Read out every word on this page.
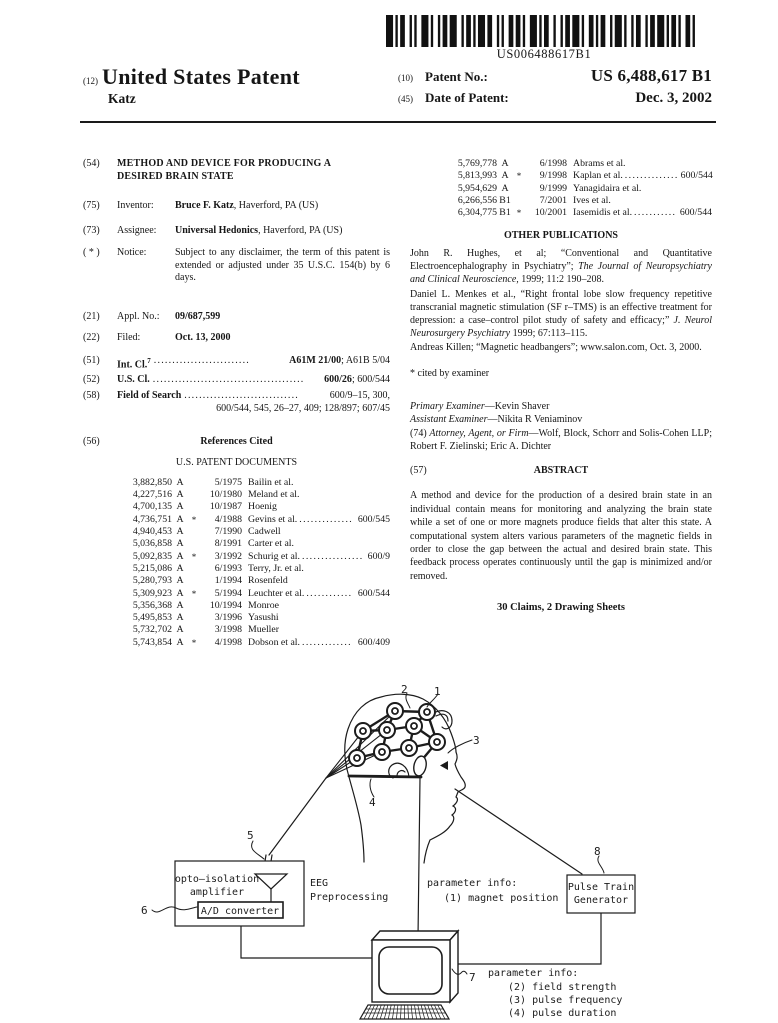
US006488617B1
(12) United States Patent
Katz
(10) Patent No.:	US 6,488,617 B1
(45) Date of Patent:	Dec. 3, 2002
(54)	METHOD AND DEVICE FOR PRODUCING A DESIRED BRAIN STATE
(75)	Inventor:	Bruce F. Katz, Haverford, PA (US)
(73)	Assignee:	Universal Hedonics, Haverford, PA (US)
( * )	Notice:	Subject to any disclaimer, the term of this patent is extended or adjusted under 35 U.S.C. 154(b) by 6 days.
(21)	Appl. No.:	09/687,599
(22)	Filed:	Oct. 13, 2000
(51)	Int. Cl.$^7$ ..........................	A61M 21/00; A61B 5/04
(52)	U.S. Cl. .........................................	600/26; 600/544
(58)	Field of Search ...............................	600/9–15, 300,
600/544, 545, 26–27, 409; 128/897; 607/45
(56)	References Cited
U.S. PATENT DOCUMENTS
3,882,850 A	5/1975 Bailin et al.
4,227,516 A	10/1980 Meland et al.
4,700,135 A	10/1987 Hoenig
4,736,751 A *	4/1988 Gevins et al. .............. 600/545
4,940,453 A	7/1990 Cadwell
5,036,858 A	8/1991 Carter et al.
5,092,835 A *	3/1992 Schurig et al. ................ 600/9
5,215,086 A	6/1993 Terry, Jr. et al.
5,280,793 A	1/1994 Rosenfeld
5,309,923 A *	5/1994 Leuchter et al. ............ 600/544
5,356,368 A	10/1994 Monroe
5,495,853 A	3/1996 Yasushi
5,732,702 A	3/1998 Mueller
5,743,854 A *	4/1998 Dobson et al. ............. 600/409
5,769,778 A	6/1998 Abrams et al.
5,813,993 A *	9/1998 Kaplan et al. .............. 600/544
5,954,629 A	9/1999 Yanagidaira et al.
6,266,556 B1	7/2001 Ives et al.
6,304,775 B1 *	10/2001 Iasemidis et al. ........... 600/544
OTHER PUBLICATIONS

John R. Hughes, et al; “Conventional and Quantitative Electroencephalography in Psychiatry”; The Journal of Neuropsychiatry and Clinical Neuroscience, 1999; 11:2 190–208.

Daniel L. Menkes et al., “Right frontal lobe slow frequency repetitive transcranial magnetic stimulation (SF r–TMS) is an effective treatment for depression: a case–control pilot study of safety and efficacy;” J. Neurol Neurosurgery Psychiatry 1999; 67:113–115.

Andreas Killen; “Magnetic headbangers”; www.salon.com, Oct. 3, 2000.

* cited by examiner

Primary Examiner—Kevin Shaver

Assistant Examiner—Nikita R Veniaminov

(74) Attorney, Agent, or Firm—Wolf, Block, Schorr and Solis-Cohen LLP; Robert F. Zielinski; Eric A. Dichter

(57)	ABSTRACT
A method and device for the production of a desired brain state in an individual contain means for monitoring and analyzing the brain state while a set of one or more magnets produce fields that alter this state. A computational system alters various parameters of the magnetic fields in order to close the gap between the actual and desired brain state. This feedback process operates continuously until the gap is minimized and/or removed.
30 Claims, 2 Drawing Sheets
1
2
3
4
5
6
7
8
opto–isolation
amplifier
A/D converter
EEG
Preprocessing
parameter info:
(1) magnet position
Pulse Train
Generator
parameter info:
(2) field strength
(3) pulse frequency
(4) pulse duration
